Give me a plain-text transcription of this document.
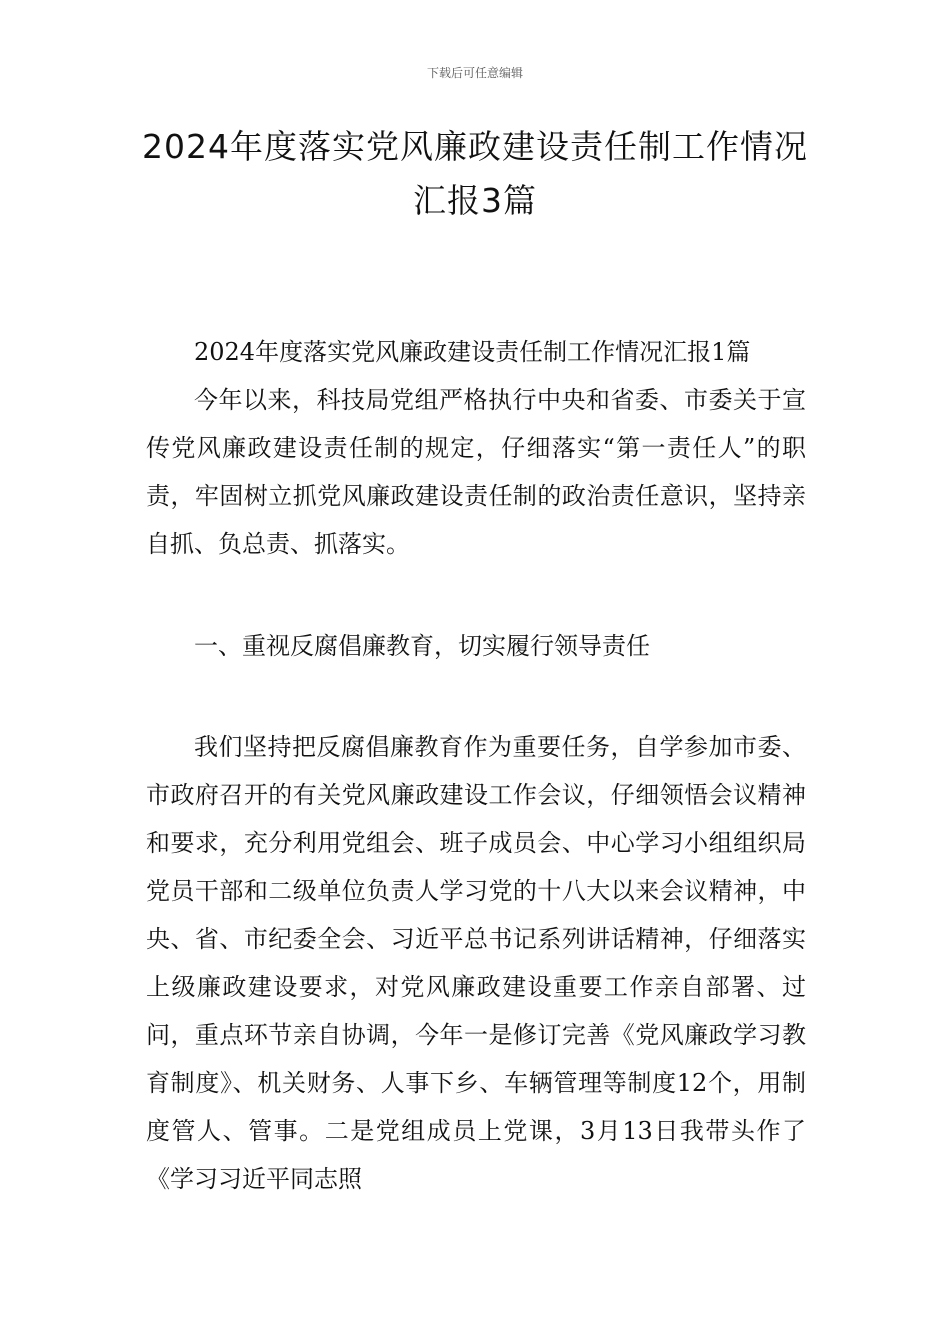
下载后可任意编辑
2024年度落实党风廉政建设责任制工作情况汇报3篇

2024年度落实党风廉政建设责任制工作情况汇报1篇

今年以来，科技局党组严格执行中央和省委、市委关于宣传党风廉政建设责任制的规定，仔细落实“第一责任人”的职责，牢固树立抓党风廉政建设责任制的政治责任意识，坚持亲自抓、负总责、抓落实。

一、重视反腐倡廉教育，切实履行领导责任

我们坚持把反腐倡廉教育作为重要任务，自学参加市委、市政府召开的有关党风廉政建设工作会议，仔细领悟会议精神和要求，充分利用党组会、班子成员会、中心学习小组组织局党员干部和二级单位负责人学习党的十八大以来会议精神，中央、省、市纪委全会、习近平总书记系列讲话精神，仔细落实上级廉政建设要求，对党风廉政建设重要工作亲自部署、过问，重点环节亲自协调，今年一是修订完善《党风廉政学习教育制度》、机关财务、人事下乡、车辆管理等制度12个，用制度管人、管事。二是党组成员上党课，3月13日我带头作了《学习习近平同志照
